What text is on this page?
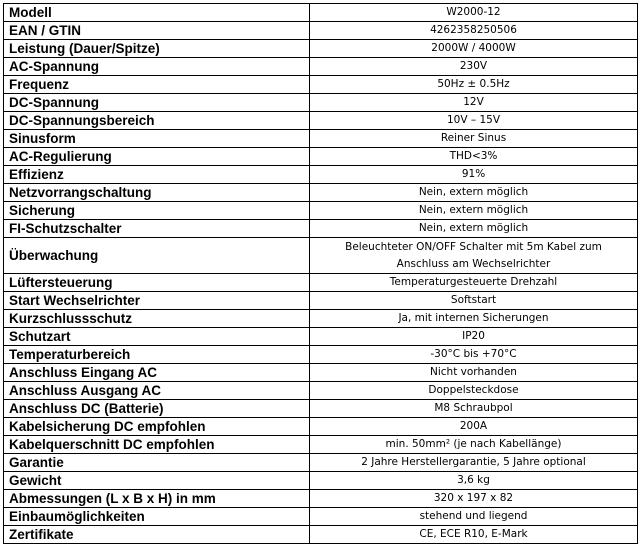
Modell	W2000-12
EAN / GTIN	4262358250506
Leistung (Dauer/Spitze)	2000W / 4000W
AC-Spannung	230V
Frequenz	50Hz ± 0.5Hz
DC-Spannung	12V
DC-Spannungsbereich	10V – 15V
Sinusform	Reiner Sinus
AC-Regulierung	THD<3%
Effizienz	91%
Netzvorrangschaltung	Nein, extern möglich
Sicherung	Nein, extern möglich
FI-Schutzschalter	Nein, extern möglich
Überwachung	Beleuchteter ON/OFF Schalter mit 5m Kabel zum Anschluss am Wechselrichter
Lüftersteuerung	Temperaturgesteuerte Drehzahl
Start Wechselrichter	Softstart
Kurzschlussschutz	Ja, mit internen Sicherungen
Schutzart	IP20
Temperaturbereich	-30°C bis +70°C
Anschluss Eingang AC	Nicht vorhanden
Anschluss Ausgang AC	Doppelsteckdose
Anschluss DC (Batterie)	M8 Schraubpol
Kabelsicherung DC empfohlen	200A
Kabelquerschnitt DC empfohlen	min. 50mm² (je nach Kabellänge)
Garantie	2 Jahre Herstellergarantie, 5 Jahre optional
Gewicht	3,6 kg
Abmessungen (L x B x H) in mm	320 x 197 x 82
Einbaumöglichkeiten	stehend und liegend
Zertifikate	CE, ECE R10, E-Mark
